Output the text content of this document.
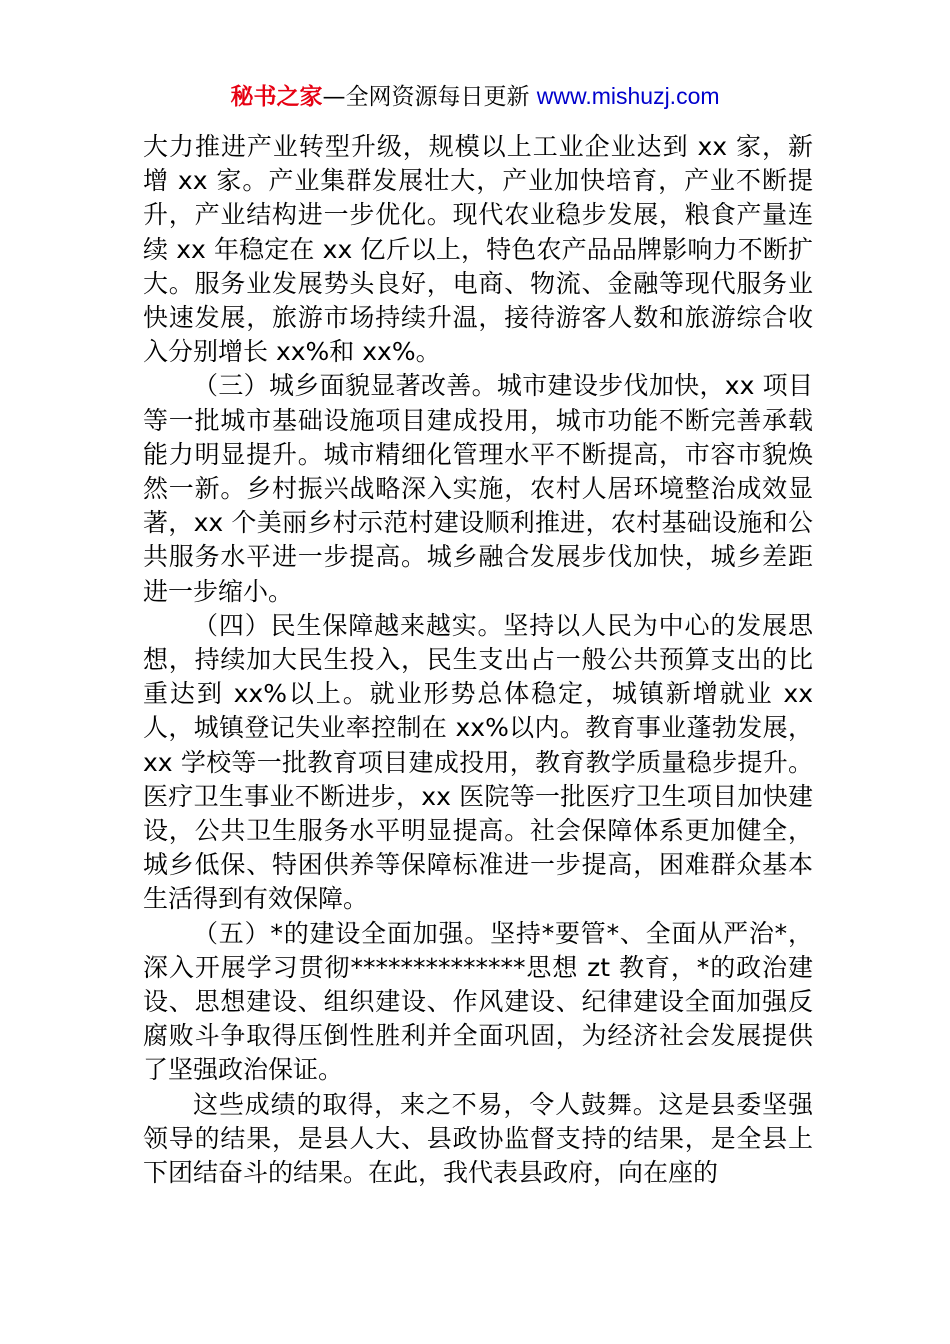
秘书之家—全网资源每日更新 www.mishuzj.com

大力推进产业转型升级，规模以上工业企业达到 xx 家，新增 xx 家。产业集群发展壮大，产业加快培育，产业不断提升，产业结构进一步优化。现代农业稳步发展，粮食产量连续 xx 年稳定在 xx 亿斤以上，特色农产品品牌影响力不断扩大。服务业发展势头良好，电商、物流、金融等现代服务业快速发展，旅游市场持续升温，接待游客人数和旅游综合收入分别增长 xx%和 xx%。

（三）城乡面貌显著改善。城市建设步伐加快，xx 项目等一批城市基础设施项目建成投用，城市功能不断完善承载能力明显提升。城市精细化管理水平不断提高，市容市貌焕然一新。乡村振兴战略深入实施，农村人居环境整治成效显著，xx 个美丽乡村示范村建设顺利推进，农村基础设施和公共服务水平进一步提高。城乡融合发展步伐加快，城乡差距进一步缩小。

（四）民生保障越来越实。坚持以人民为中心的发展思想，持续加大民生投入，民生支出占一般公共预算支出的比重达到 xx%以上。就业形势总体稳定，城镇新增就业 xx 人，城镇登记失业率控制在 xx%以内。教育事业蓬勃发展，xx 学校等一批教育项目建成投用，教育教学质量稳步提升。医疗卫生事业不断进步，xx 医院等一批医疗卫生项目加快建设，公共卫生服务水平明显提高。社会保障体系更加健全，城乡低保、特困供养等保障标准进一步提高，困难群众基本生活得到有效保障。

（五）*的建设全面加强。坚持*要管*、全面从严治*，深入开展学习贯彻**************思想 zt 教育，*的政治建设、思想建设、组织建设、作风建设、纪律建设全面加强反腐败斗争取得压倒性胜利并全面巩固，为经济社会发展提供了坚强政治保证。

这些成绩的取得，来之不易，令人鼓舞。这是县委坚强领导的结果，是县人大、县政协监督支持的结果，是全县上下团结奋斗的结果。在此，我代表县政府，向在座的
